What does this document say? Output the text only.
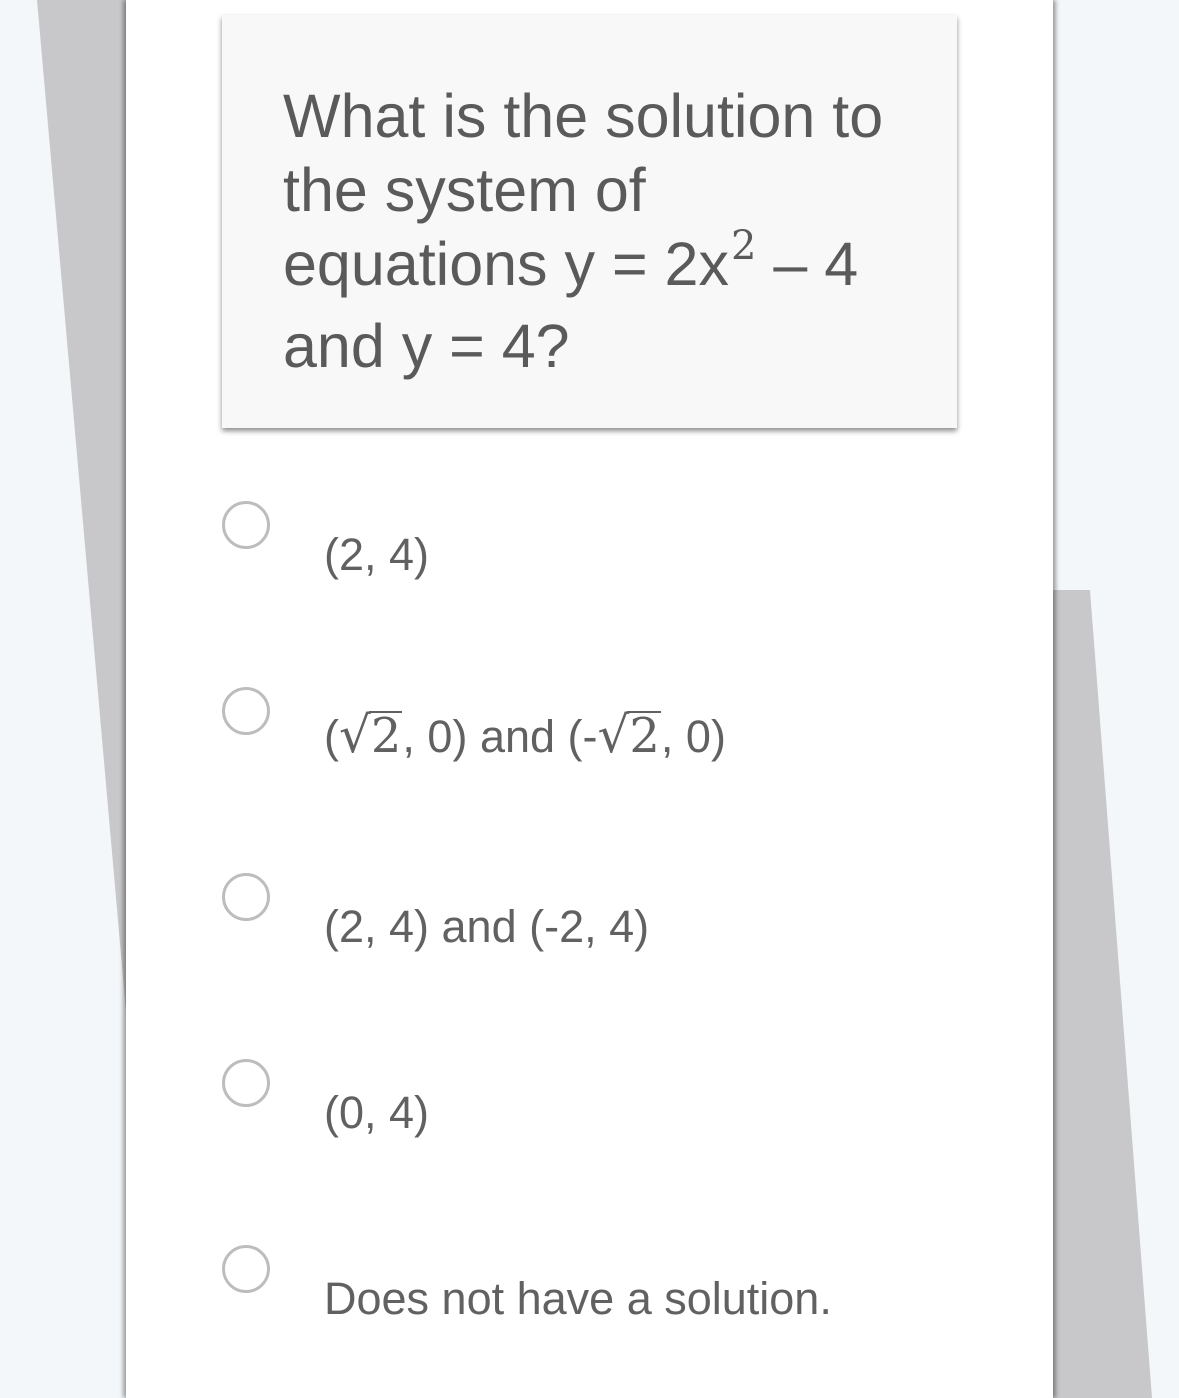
What is the solution to the system of equations $y = 2x^2 - 4$ and y = 4?
(2, 4)
(√2, 0) and (-√2, 0)
(2, 4) and (-2, 4)
(0, 4)
Does not have a solution.
